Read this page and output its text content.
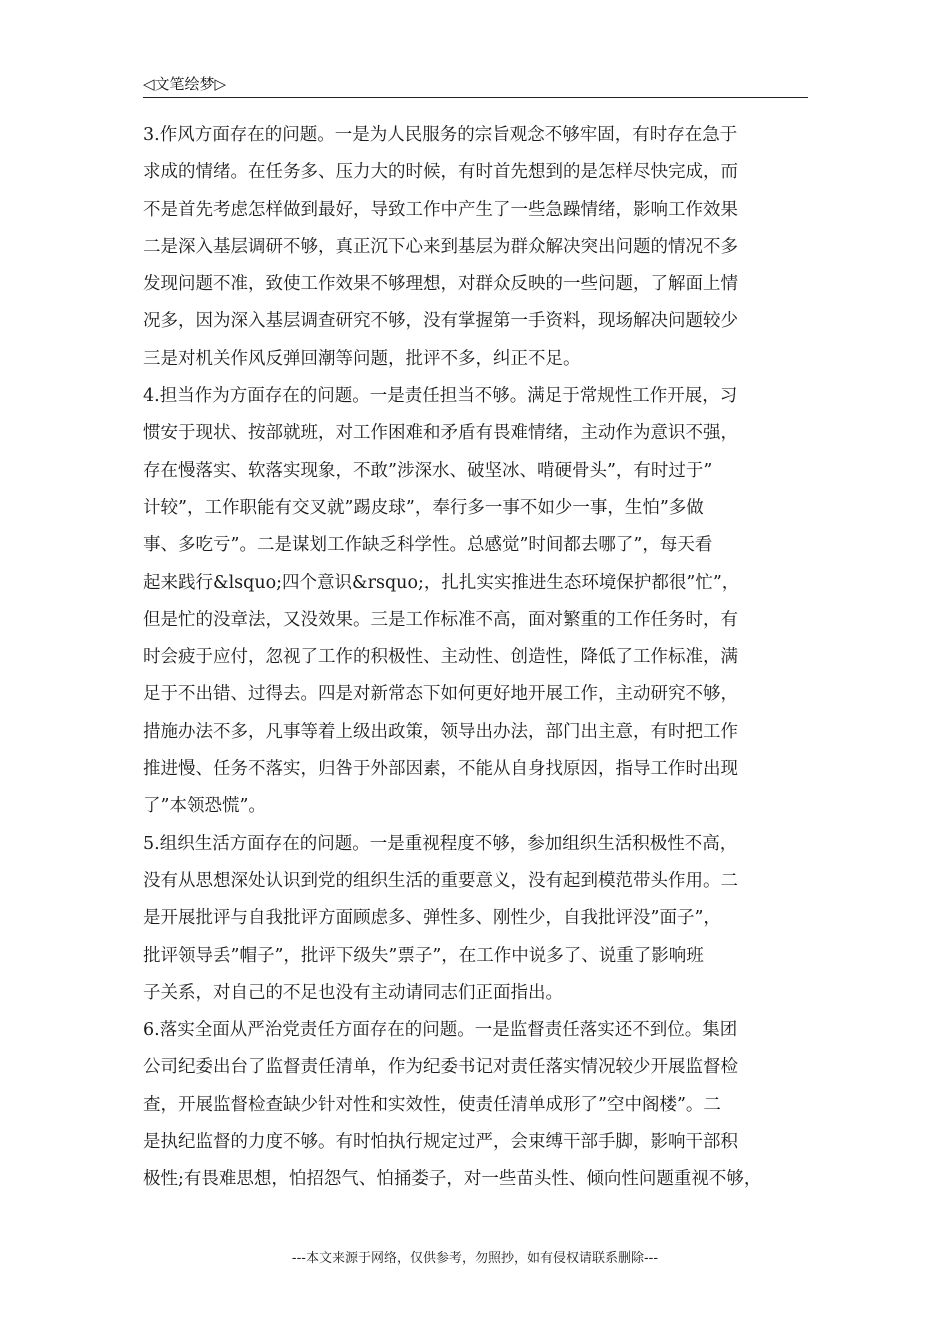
◁文笔绘梦▷
3.作风方面存在的问题。一是为人民服务的宗旨观念不够牢固，有时存在急于
求成的情绪。在任务多、压力大的时候，有时首先想到的是怎样尽快完成，而
不是首先考虑怎样做到最好，导致工作中产生了一些急躁情绪，影响工作效果
二是深入基层调研不够，真正沉下心来到基层为群众解决突出问题的情况不多
发现问题不准，致使工作效果不够理想，对群众反映的一些问题，了解面上情
况多，因为深入基层调查研究不够，没有掌握第一手资料，现场解决问题较少
三是对机关作风反弹回潮等问题，批评不多，纠正不足。
4.担当作为方面存在的问题。一是责任担当不够。满足于常规性工作开展，习
惯安于现状、按部就班，对工作困难和矛盾有畏难情绪，主动作为意识不强，
存在慢落实、软落实现象，不敢”涉深水、破坚冰、啃硬骨头”，有时过于”
计较”，工作职能有交叉就”踢皮球”，奉行多一事不如少一事，生怕”多做
事、多吃亏”。二是谋划工作缺乏科学性。总感觉”时间都去哪了”，每天看
起来践行&lsquo;四个意识&rsquo;，扎扎实实推进生态环境保护都很”忙”，
但是忙的没章法，又没效果。三是工作标准不高，面对繁重的工作任务时，有
时会疲于应付，忽视了工作的积极性、主动性、创造性，降低了工作标准，满
足于不出错、过得去。四是对新常态下如何更好地开展工作，主动研究不够，
措施办法不多，凡事等着上级出政策，领导出办法，部门出主意，有时把工作
推进慢、任务不落实，归咎于外部因素，不能从自身找原因，指导工作时出现
了”本领恐慌”。
5.组织生活方面存在的问题。一是重视程度不够，参加组织生活积极性不高，
没有从思想深处认识到党的组织生活的重要意义，没有起到模范带头作用。二
是开展批评与自我批评方面顾虑多、弹性多、刚性少，自我批评没”面子”，
批评领导丢”帽子”，批评下级失”票子”，在工作中说多了、说重了影响班
子关系，对自己的不足也没有主动请同志们正面指出。
6.落实全面从严治党责任方面存在的问题。一是监督责任落实还不到位。集团
公司纪委出台了监督责任清单，作为纪委书记对责任落实情况较少开展监督检
查，开展监督检查缺少针对性和实效性，使责任清单成形了”空中阁楼”。二
是执纪监督的力度不够。有时怕执行规定过严，会束缚干部手脚，影响干部积
极性;有畏难思想，怕招怨气、怕捅娄子，对一些苗头性、倾向性问题重视不够，
---本文来源于网络，仅供参考，勿照抄，如有侵权请联系删除---
